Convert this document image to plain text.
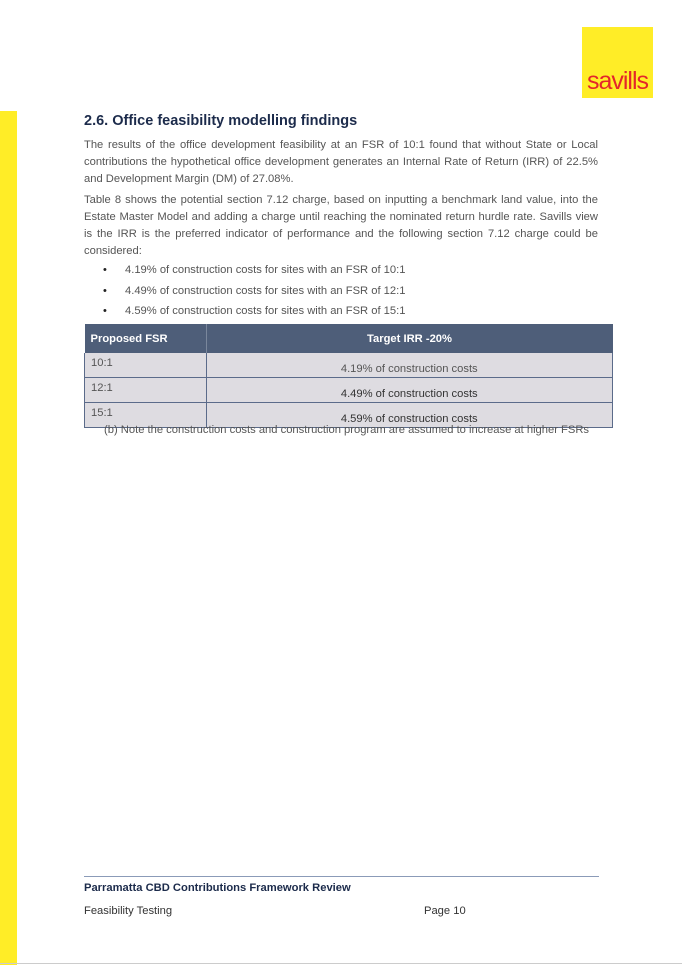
savills
2.6. Office feasibility modelling findings

The results of the office development feasibility at an FSR of 10:1 found that without State or Local contributions the hypothetical office development generates an Internal Rate of Return (IRR) of 22.5% and Development Margin (DM) of 27.08%.

Table 8 shows the potential section 7.12 charge, based on inputting a benchmark land value, into the Estate Master Model and adding a charge until reaching the nominated return hurdle rate. Savills view is the IRR is the preferred indicator of performance and the following section 7.12 charge could be considered:

• 4.19% of construction costs for sites with an FSR of 10:1
• 4.49% of construction costs for sites with an FSR of 12:1
• 4.59% of construction costs for sites with an FSR of 15:1
Proposed FSR	Target IRR -20%
10:1	4.19% of construction costs
12:1	4.49% of construction costs
15:1	4.59% of construction costs
(b) Note the construction costs and construction program are assumed to increase at higher FSRs
Parramatta CBD Contributions Framework Review
Feasibility Testing	Page 10
